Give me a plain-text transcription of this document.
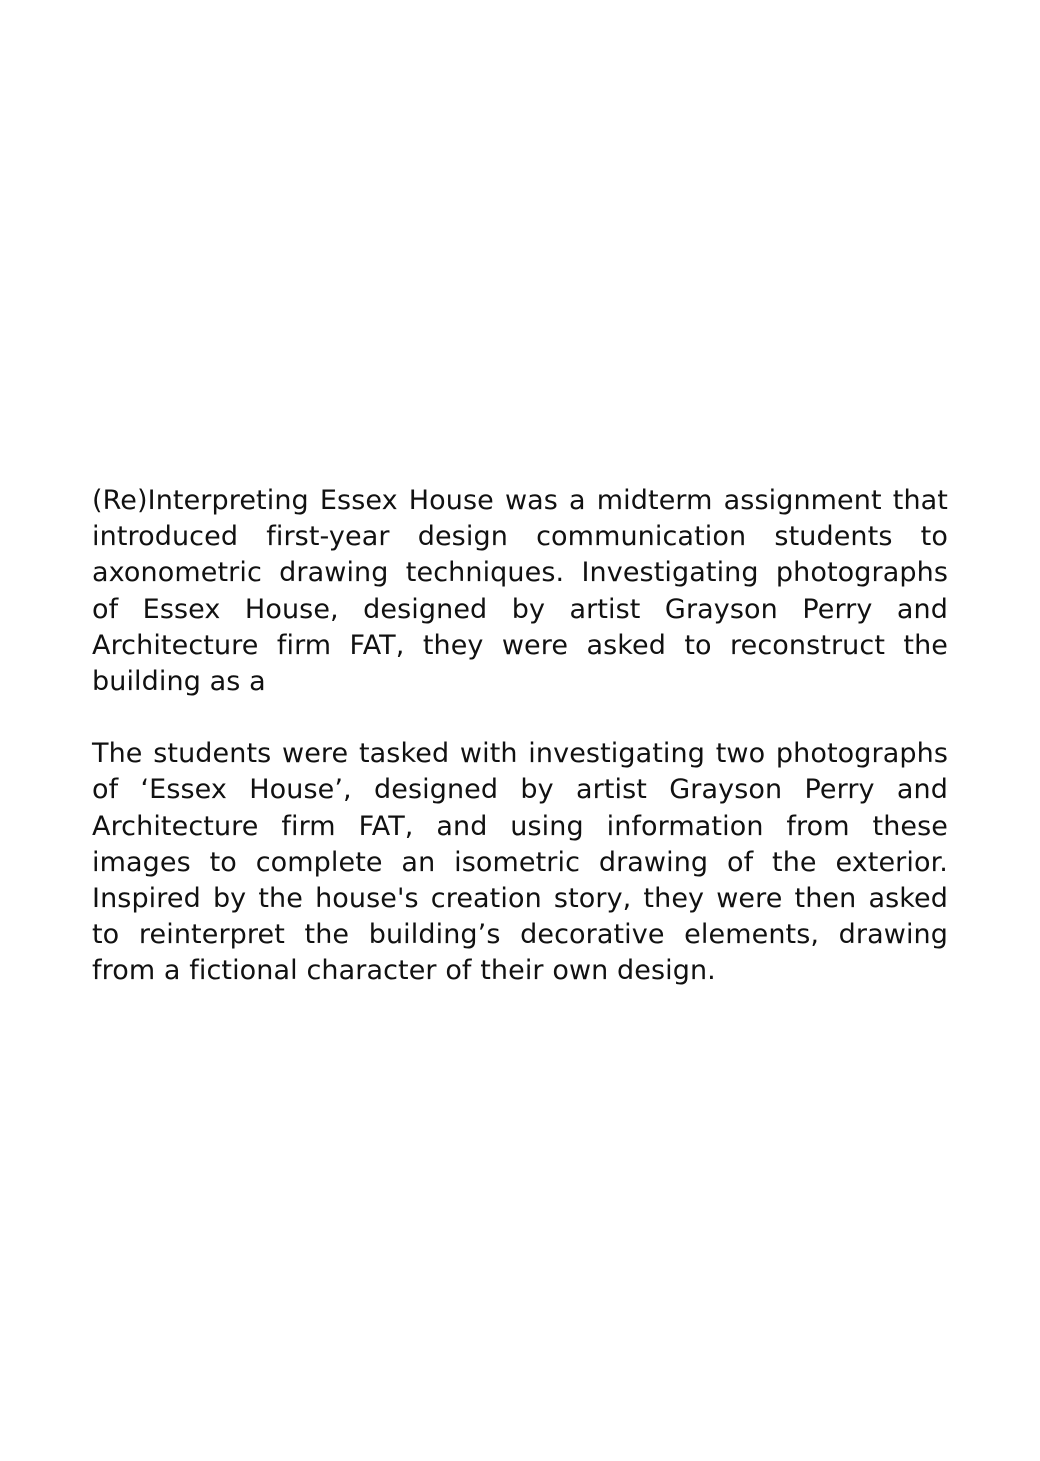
(Re)Interpreting Essex House was a midterm assignment that introduced first-year design communication students to axonometric drawing techniques. Investigating photographs of Essex House, designed by artist Grayson Perry and Architecture firm FAT, they were asked to reconstruct the building as a

The students were tasked with investigating two photographs of ‘Essex House’, designed by artist Grayson Perry and Architecture firm FAT, and using information from these images to complete an isometric drawing of the exterior. Inspired by the house's creation story, they were then asked to reinterpret the building’s decorative elements, drawing from a fictional character of their own design.
